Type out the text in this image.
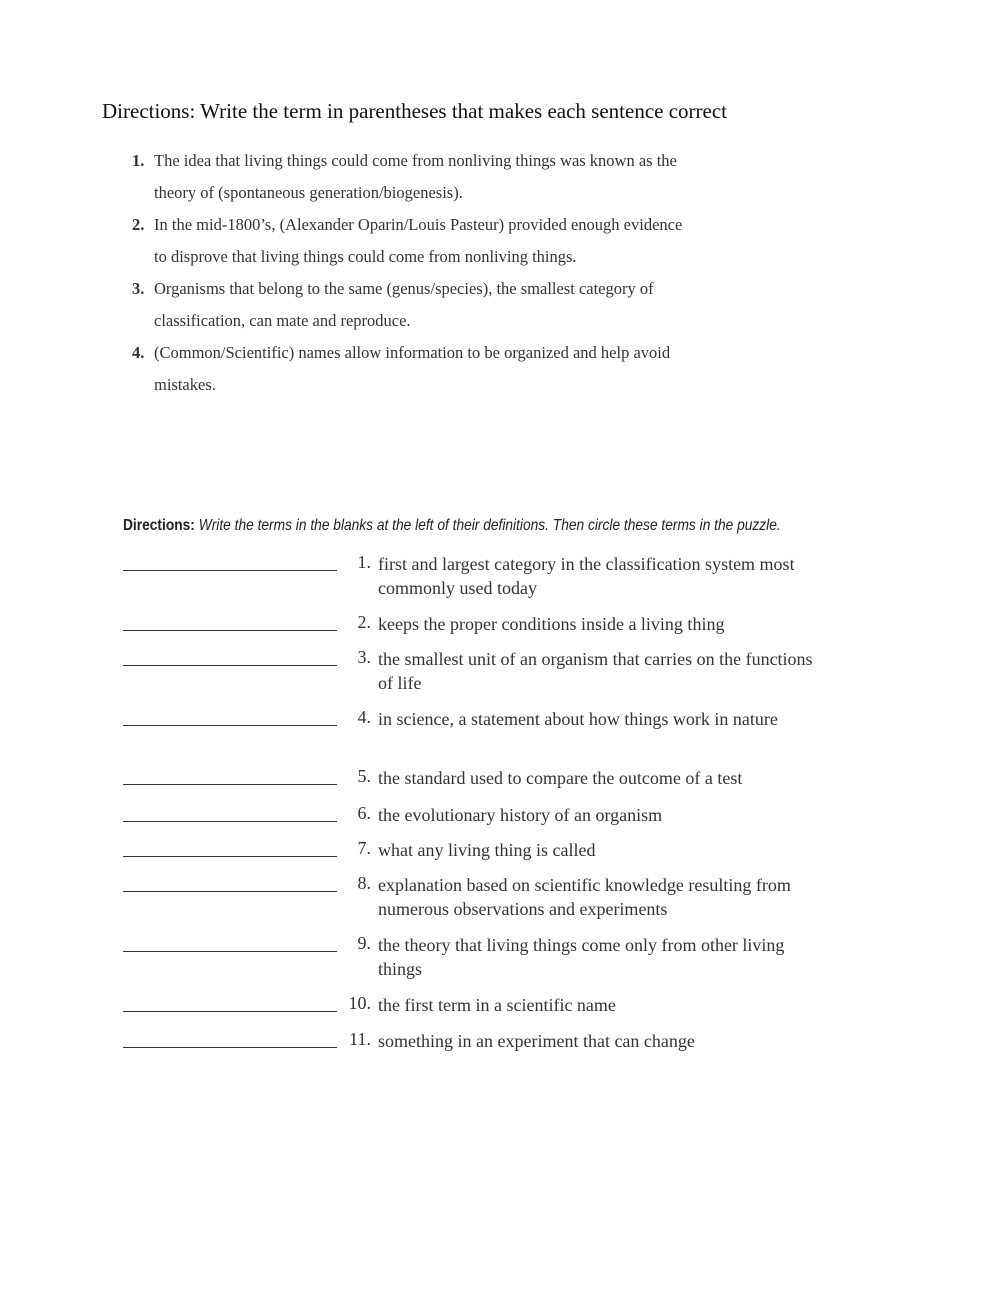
Directions: Write the term in parentheses that makes each sentence correct
1. The idea that living things could come from nonliving things was known as the
theory of (spontaneous generation/biogenesis).
2. In the mid-1800’s, (Alexander Oparin/Louis Pasteur) provided enough evidence
to disprove that living things could come from nonliving things.
3. Organisms that belong to the same (genus/species), the smallest category of
classification, can mate and reproduce.
4. (Common/Scientific) names allow information to be organized and help avoid
mistakes.
Directions: Write the terms in the blanks at the left of their definitions. Then circle these terms in the puzzle.
1. first and largest category in the classification system most commonly used today
2. keeps the proper conditions inside a living thing
3. the smallest unit of an organism that carries on the functions of life
4. in science, a statement about how things work in nature
5. the standard used to compare the outcome of a test
6. the evolutionary history of an organism
7. what any living thing is called
8. explanation based on scientific knowledge resulting from numerous observations and experiments
9. the theory that living things come only from other living things
10. the first term in a scientific name
11. something in an experiment that can change
